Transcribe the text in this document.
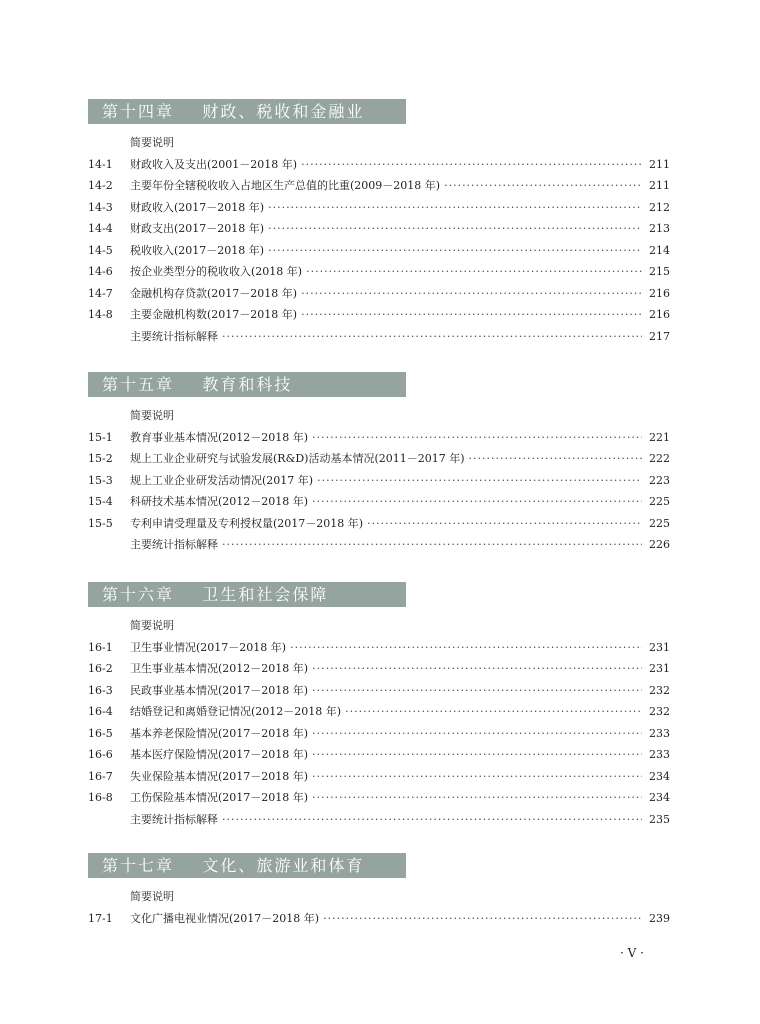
第十四章    财政、税收和金融业
简要说明
14-1	财政收入及支出(2001－2018 年) ·····	211
14-2	主要年份全辖税收收入占地区生产总值的比重(2009－2018 年) ·····	211
14-3	财政收入(2017－2018 年) ·····	212
14-4	财政支出(2017－2018 年) ·····	213
14-5	税收收入(2017－2018 年) ·····	214
14-6	按企业类型分的税收收入(2018 年) ·····	215
14-7	金融机构存贷款(2017－2018 年) ·····	216
14-8	主要金融机构数(2017－2018 年) ·····	216
主要统计指标解释 ·····	217
第十五章    教育和科技
简要说明
15-1	教育事业基本情况(2012－2018 年) ·····	221
15-2	规上工业企业研究与试验发展(R&D)活动基本情况(2011－2017 年) ·····	222
15-3	规上工业企业研发活动情况(2017 年) ·····	223
15-4	科研技术基本情况(2012－2018 年) ·····	225
15-5	专利申请受理量及专利授权量(2017－2018 年) ·····	225
主要统计指标解释 ·····	226
第十六章    卫生和社会保障
简要说明
16-1	卫生事业情况(2017－2018 年) ·····	231
16-2	卫生事业基本情况(2012－2018 年) ·····	231
16-3	民政事业基本情况(2017－2018 年) ·····	232
16-4	结婚登记和离婚登记情况(2012－2018 年) ·····	232
16-5	基本养老保险情况(2017－2018 年) ·····	233
16-6	基本医疗保险情况(2017－2018 年) ·····	233
16-7	失业保险基本情况(2017－2018 年) ·····	234
16-8	工伤保险基本情况(2017－2018 年) ·····	234
主要统计指标解释 ·····	235
第十七章    文化、旅游业和体育
简要说明
17-1	文化广播电视业情况(2017－2018 年) ·····	239
· V ·
